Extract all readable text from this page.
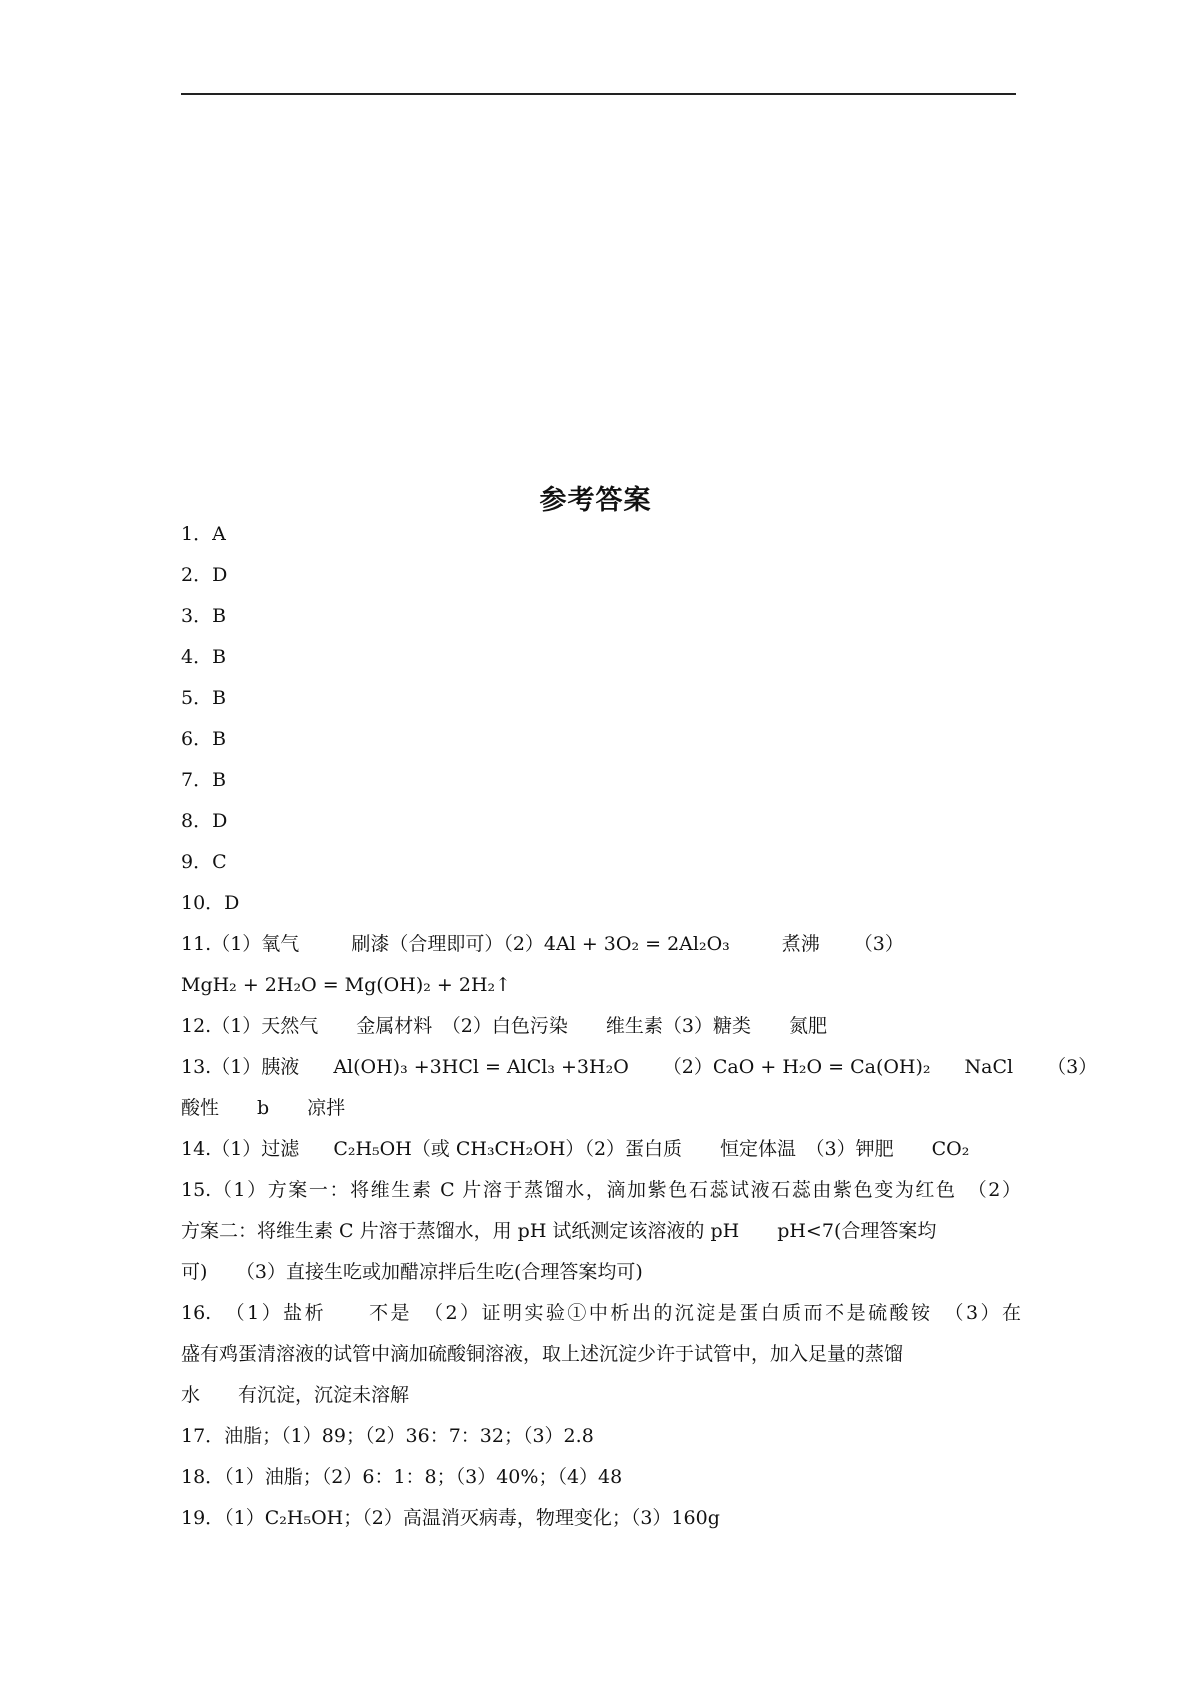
参考答案
1．A
2．D
3．B
4．B
5．B
6．B
7．B
8．D
9．C
10．D
11.（1）氧气	刷漆（合理即可）（2）4Al + 3O₂ = 2Al₂O₃	煮沸 （3）
MgH₂ + 2H₂O = Mg(OH)₂ + 2H₂↑
12.（1）天然气　　金属材料　（2）白色污染　　维生素（3）糖类　　氮肥
13.（1）胰液 Al(OH)₃ +3HCl = AlCl₃ +3H₂O （2）CaO + H₂O = Ca(OH)₂ NaCl （3）
酸性　　b　　凉拌
14.（1）过滤 C₂H₅OH（或 CH₃CH₂OH）（2）蛋白质　　恒定体温　（3）钾肥　　CO₂
15.（1）方案一：将维生素 C 片溶于蒸馏水，滴加紫色石蕊试液石蕊由紫色变为红色　（2）
方案二：将维生素 C 片溶于蒸馏水，用 pH 试纸测定该溶液的 pH　　pH<7(合理答案均
可)　　（3）直接生吃或加醋凉拌后生吃(合理答案均可)
16.　（1）盐析　　不是　（2）证明实验①中析出的沉淀是蛋白质而不是硫酸铵　（3）在
盛有鸡蛋清溶液的试管中滴加硫酸铜溶液，取上述沉淀少许于试管中，加入足量的蒸馏
水　　有沉淀，沉淀未溶解
17．油脂；（1）89；（2）36：7：32；（3）2.8
18．（1）油脂；（2）6：1：8；（3）40%；（4）48
19．（1）C₂H₅OH；（2）高温消灭病毒，物理变化；（3）160g
